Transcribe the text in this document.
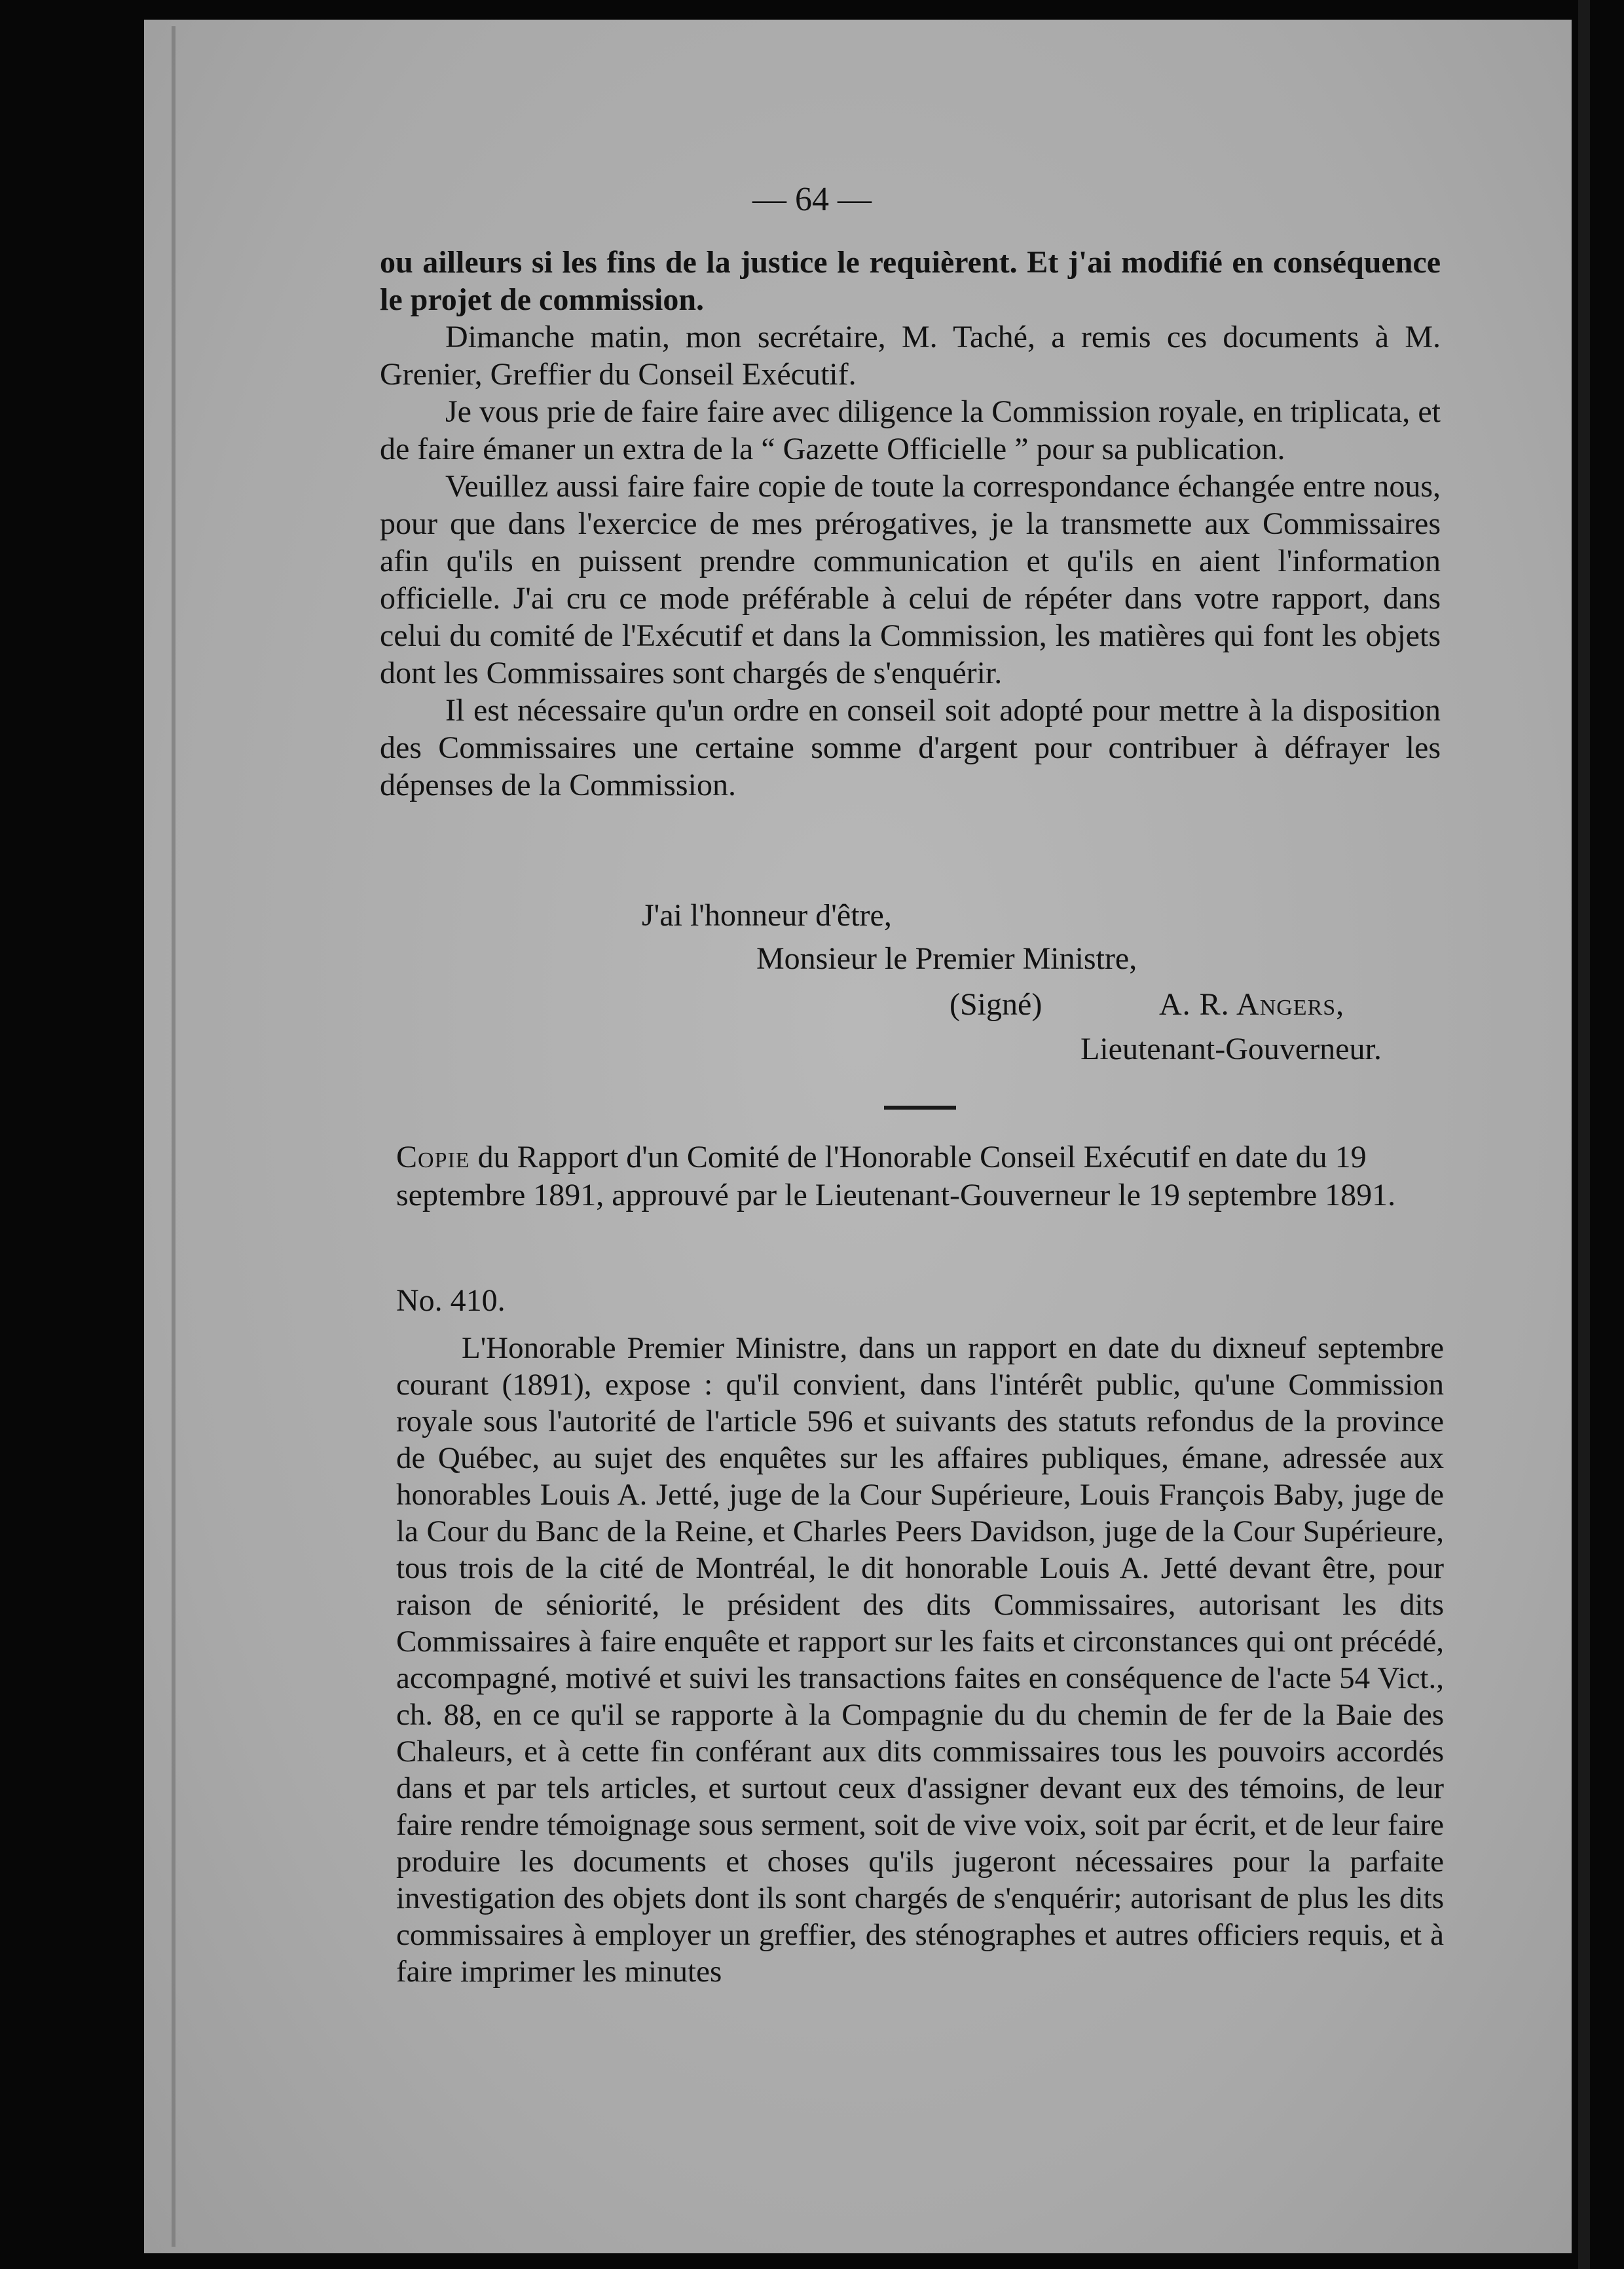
— 64 —

ou ailleurs si les fins de la justice le requièrent. Et j'ai modifié en conséquence le projet de commission.

Dimanche matin, mon secrétaire, M. Taché, a remis ces documents à M. Grenier, Greffier du Conseil Exécutif.

Je vous prie de faire faire avec diligence la Commission royale, en triplicata, et de faire émaner un extra de la “ Gazette Officielle ” pour sa publication.

Veuillez aussi faire faire copie de toute la correspondance échangée entre nous, pour que dans l'exercice de mes prérogatives, je la transmette aux Commissaires afin qu'ils en puissent prendre communication et qu'ils en aient l'information officielle. J'ai cru ce mode préférable à celui de répéter dans votre rapport, dans celui du comité de l'Exécutif et dans la Commission, les matières qui font les objets dont les Commissaires sont chargés de s'enquérir.

Il est nécessaire qu'un ordre en conseil soit adopté pour mettre à la disposition des Commissaires une certaine somme d'argent pour contribuer à défrayer les dépenses de la Commission.

J'ai l'honneur d'être,
Monsieur le Premier Ministre,
(Signé)	A. R. Angers,
Lieutenant-Gouverneur.
Copie du Rapport d'un Comité de l'Honorable Conseil Exécutif en date du 19 septembre 1891, approuvé par le Lieutenant-Gouverneur le 19 septembre 1891.
No. 410.

L'Honorable Premier Ministre, dans un rapport en date du dixneuf septembre courant (1891), expose : qu'il convient, dans l'intérêt public, qu'une Commission royale sous l'autorité de l'article 596 et suivants des statuts refondus de la province de Québec, au sujet des enquêtes sur les affaires publiques, émane, adressée aux honorables Louis A. Jetté, juge de la Cour Supérieure, Louis François Baby, juge de la Cour du Banc de la Reine, et Charles Peers Davidson, juge de la Cour Supérieure, tous trois de la cité de Montréal, le dit honorable Louis A. Jetté devant être, pour raison de séniorité, le président des dits Commissaires, autorisant les dits Commissaires à faire enquête et rapport sur les faits et circonstances qui ont précédé, accompagné, motivé et suivi les transactions faites en conséquence de l'acte 54 Vict., ch. 88, en ce qu'il se rapporte à la Compagnie du du chemin de fer de la Baie des Chaleurs, et à cette fin conférant aux dits commissaires tous les pouvoirs accordés dans et par tels articles, et surtout ceux d'assigner devant eux des témoins, de leur faire rendre témoignage sous serment, soit de vive voix, soit par écrit, et de leur faire produire les documents et choses qu'ils jugeront nécessaires pour la parfaite investigation des objets dont ils sont chargés de s'enquérir; autorisant de plus les dits commissaires à employer un greffier, des sténographes et autres officiers requis, et à faire imprimer les minutes
